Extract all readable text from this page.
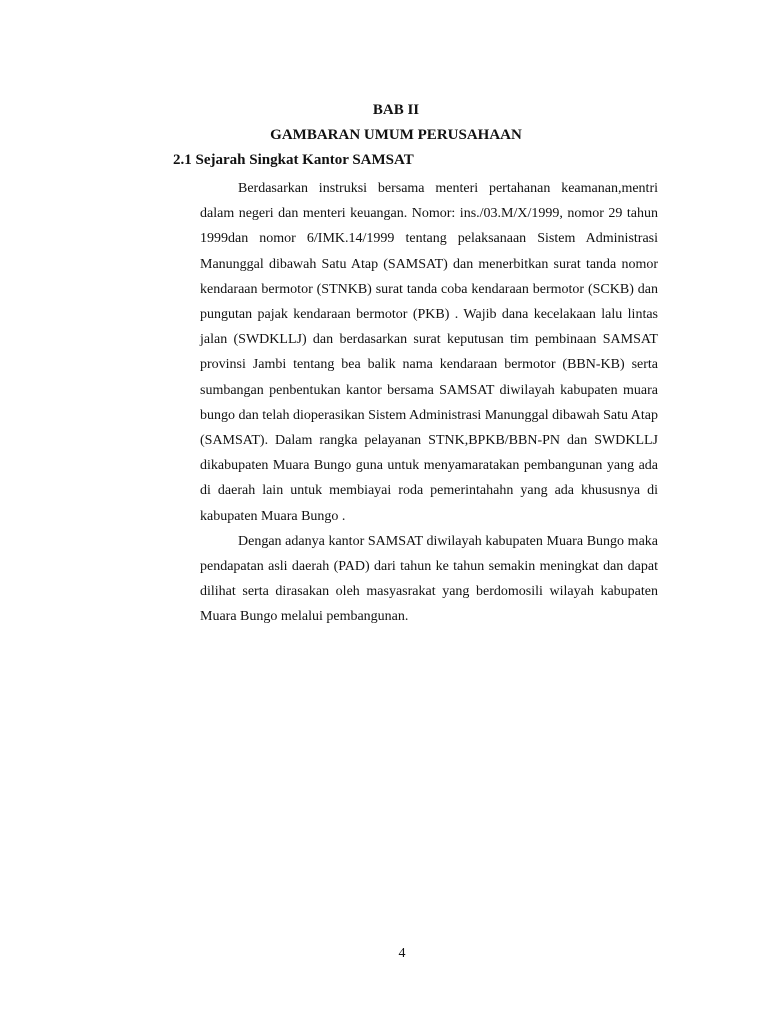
BAB II
GAMBARAN UMUM PERUSAHAAN
2.1 Sejarah Singkat Kantor SAMSAT

Berdasarkan instruksi bersama menteri pertahanan keamanan,mentri dalam negeri dan menteri keuangan. Nomor: ins./03.M/X/1999, nomor 29 tahun 1999dan nomor 6/IMK.14/1999 tentang pelaksanaan Sistem Administrasi Manunggal dibawah Satu Atap (SAMSAT) dan menerbitkan surat tanda nomor kendaraan bermotor (STNKB) surat tanda coba kendaraan bermotor (SCKB) dan pungutan pajak kendaraan bermotor (PKB) . Wajib dana kecelakaan lalu lintas jalan (SWDKLLJ) dan berdasarkan surat keputusan tim pembinaan SAMSAT provinsi Jambi tentang bea balik nama kendaraan bermotor (BBN-KB) serta sumbangan penbentukan kantor bersama SAMSAT diwilayah kabupaten muara bungo dan telah dioperasikan Sistem Administrasi Manunggal dibawah Satu Atap (SAMSAT). Dalam rangka pelayanan STNK,BPKB/BBN-PN dan SWDKLLJ dikabupaten Muara Bungo guna untuk menyamaratakan pembangunan yang ada di daerah lain untuk membiayai roda pemerintahahn yang ada khususnya di kabupaten Muara Bungo .

Dengan adanya kantor SAMSAT diwilayah kabupaten Muara Bungo maka pendapatan asli daerah (PAD) dari tahun ke tahun semakin meningkat dan dapat dilihat serta dirasakan oleh masyasrakat yang berdomosili wilayah kabupaten Muara Bungo melalui pembangunan.

4
